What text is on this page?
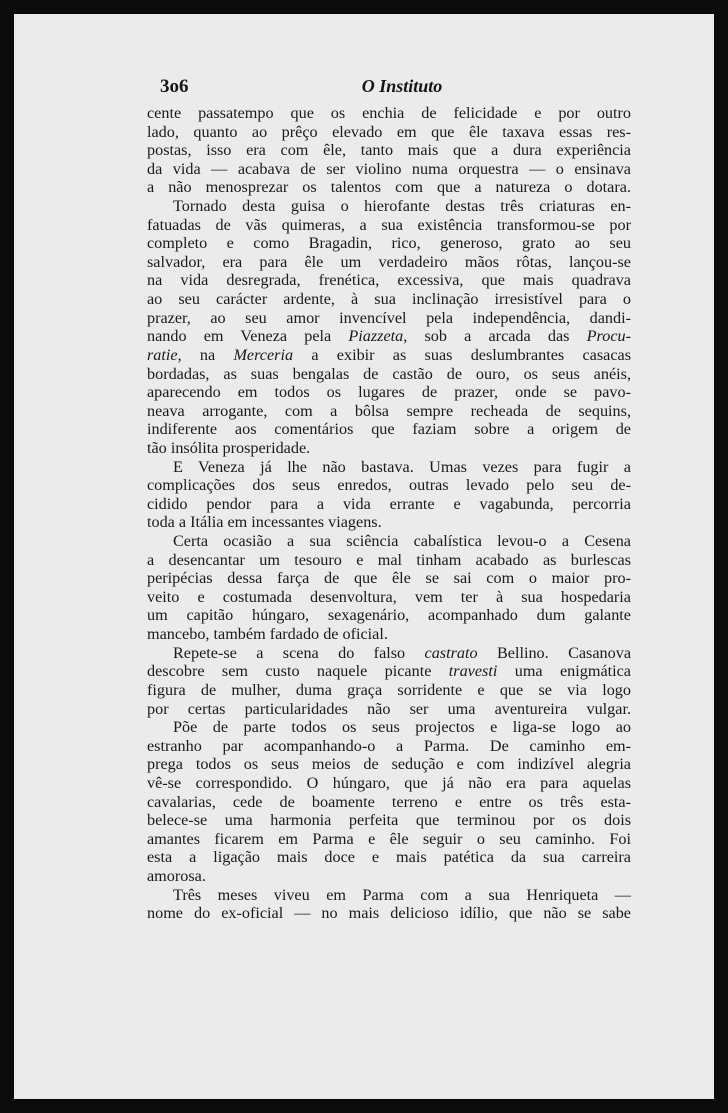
3o6	O Instituto
cente passatempo que os enchia de felicidade e por outro
lado, quanto ao prêço elevado em que êle taxava essas res-
postas, isso era com êle, tanto mais que a dura experiência
da vida — acabava de ser violino numa orquestra — o ensinava
a não menosprezar os talentos com que a natureza o dotara.
Tornado desta guisa o hierofante destas três criaturas en-
fatuadas de vãs quimeras, a sua existência transformou-se por
completo e como Bragadin, rico, generoso, grato ao seu
salvador, era para êle um verdadeiro mãos rôtas, lançou-se
na vida desregrada, frenética, excessiva, que mais quadrava
ao seu carácter ardente, à sua inclinação irresistível para o
prazer, ao seu amor invencível pela independência, dandi-
nando em Veneza pela Piazzeta, sob a arcada das Procu-
ratie, na Merceria a exibir as suas deslumbrantes casacas
bordadas, as suas bengalas de castão de ouro, os seus anéis,
aparecendo em todos os lugares de prazer, onde se pavo-
neava arrogante, com a bôlsa sempre recheada de sequins,
indiferente aos comentários que faziam sobre a origem de
tão insólita prosperidade.
E Veneza já lhe não bastava. Umas vezes para fugir a
complicações dos seus enredos, outras levado pelo seu de-
cidido pendor para a vida errante e vagabunda, percorria
toda a Itália em incessantes viagens.
Certa ocasião a sua sciência cabalística levou-o a Cesena
a desencantar um tesouro e mal tinham acabado as burlescas
peripécias dessa farça de que êle se sai com o maior pro-
veito e costumada desenvoltura, vem ter à sua hospedaria
um capitão húngaro, sexagenário, acompanhado dum galante
mancebo, também fardado de oficial.
Repete-se a scena do falso castrato Bellino. Casanova
descobre sem custo naquele picante travesti uma enigmática
figura de mulher, duma graça sorridente e que se via logo
por certas particularidades não ser uma aventureira vulgar.
Põe de parte todos os seus projectos e liga-se logo ao
estranho par acompanhando-o a Parma. De caminho em-
prega todos os seus meios de sedução e com indizível alegria
vê-se correspondido. O húngaro, que já não era para aquelas
cavalarias, cede de boamente terreno e entre os três esta-
belece-se uma harmonia perfeita que terminou por os dois
amantes ficarem em Parma e êle seguir o seu caminho. Foi
esta a ligação mais doce e mais patética da sua carreira
amorosa.
Três meses viveu em Parma com a sua Henriqueta —
nome do ex-oficial — no mais delicioso idílio, que não se sabe
